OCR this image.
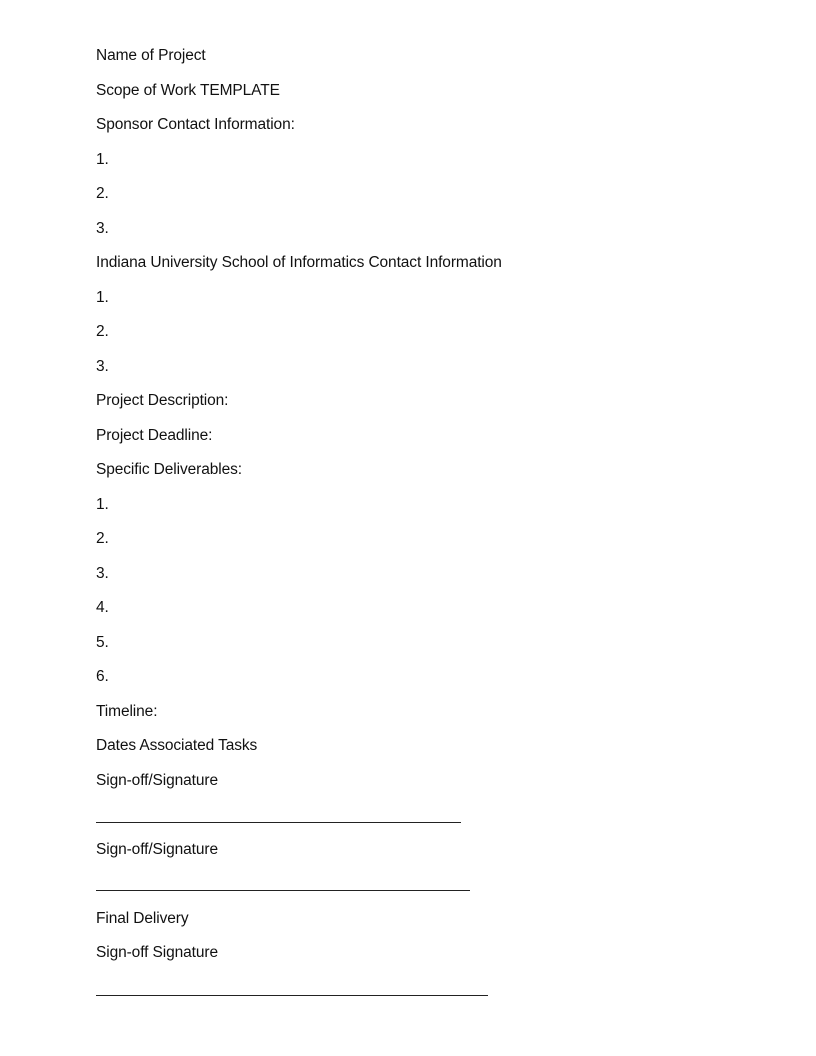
Name of Project
Scope of Work TEMPLATE
Sponsor Contact Information:
1.
2.
3.
Indiana University School of Informatics Contact Information
1.
2.
3.
Project Description:
Project Deadline:
Specific Deliverables:
1.
2.
3.
4.
5.
6.
Timeline:
Dates Associated Tasks
Sign-off/Signature
Sign-off/Signature
Final Delivery
Sign-off Signature
